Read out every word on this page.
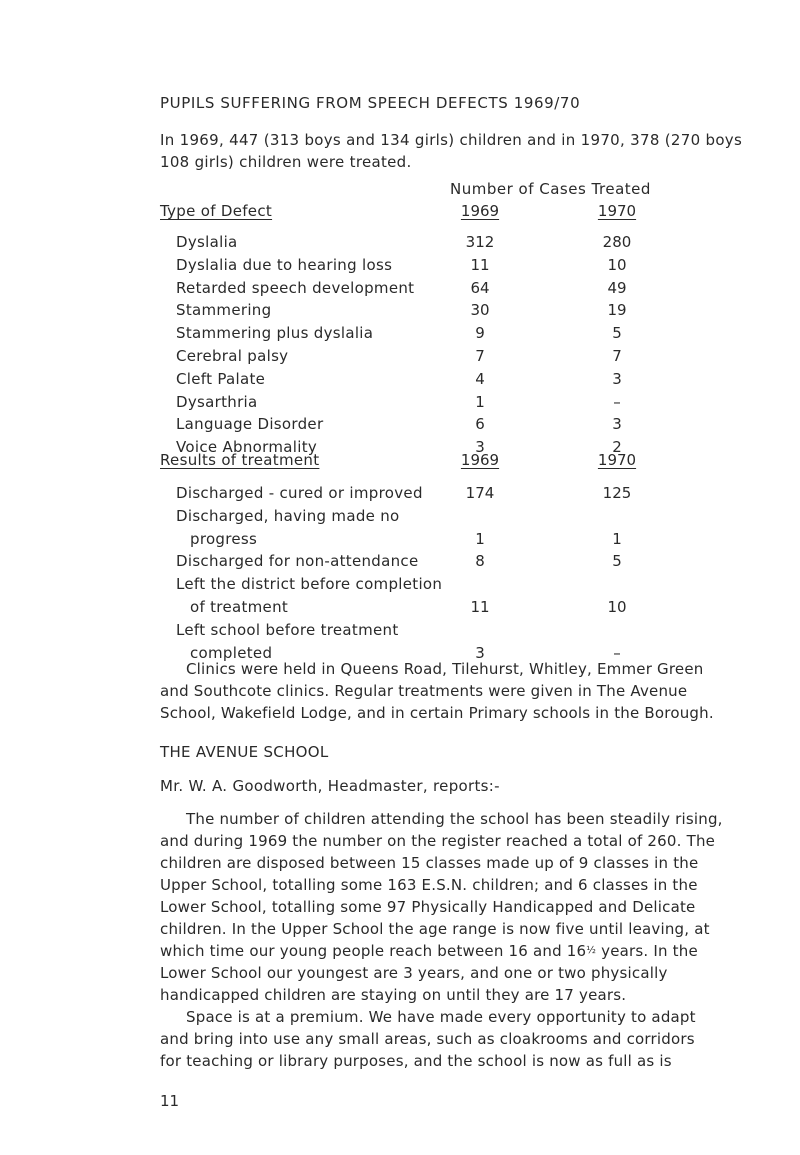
PUPILS SUFFERING FROM SPEECH DEFECTS 1969/70
In 1969, 447 (313 boys and 134 girls) children and in 1970, 378 (270 boys
108 girls) children were treated.
Number of Cases Treated
Type of Defect	1969	1970
Dyslalia	312	280
Dyslalia due to hearing loss	11	10
Retarded speech development	64	49
Stammering	30	19
Stammering plus dyslalia	9	5
Cerebral palsy	7	7
Cleft Palate	4	3
Dysarthria	1	–
Language Disorder	6	3
Voice Abnormality	3	2
Results of treatment	1969	1970
Discharged - cured or improved	174	125
Discharged, having made no
progress	1	1
Discharged for non-attendance	8	5
Left the district before completion
of treatment	11	10
Left school before treatment
completed	3	–

Clinics were held in Queens Road, Tilehurst, Whitley, Emmer Green

and Southcote clinics. Regular treatments were given in The Avenue

School, Wakefield Lodge, and in certain Primary schools in the Borough.

THE AVENUE SCHOOL
Mr. W. A. Goodworth, Headmaster, reports:-

The number of children attending the school has been steadily rising,

and during 1969 the number on the register reached a total of 260. The

children are disposed between 15 classes made up of 9 classes in the

Upper School, totalling some 163 E.S.N. children; and 6 classes in the

Lower School, totalling some 97 Physically Handicapped and Delicate

children. In the Upper School the age range is now five until leaving, at

which time our young people reach between 16 and $16^{\frac{1}{2}}$ years. In the

Lower School our youngest are 3 years, and one or two physically

handicapped children are staying on until they are 17 years.

Space is at a premium. We have made every opportunity to adapt

and bring into use any small areas, such as cloakrooms and corridors

for teaching or library purposes, and the school is now as full as is

11
